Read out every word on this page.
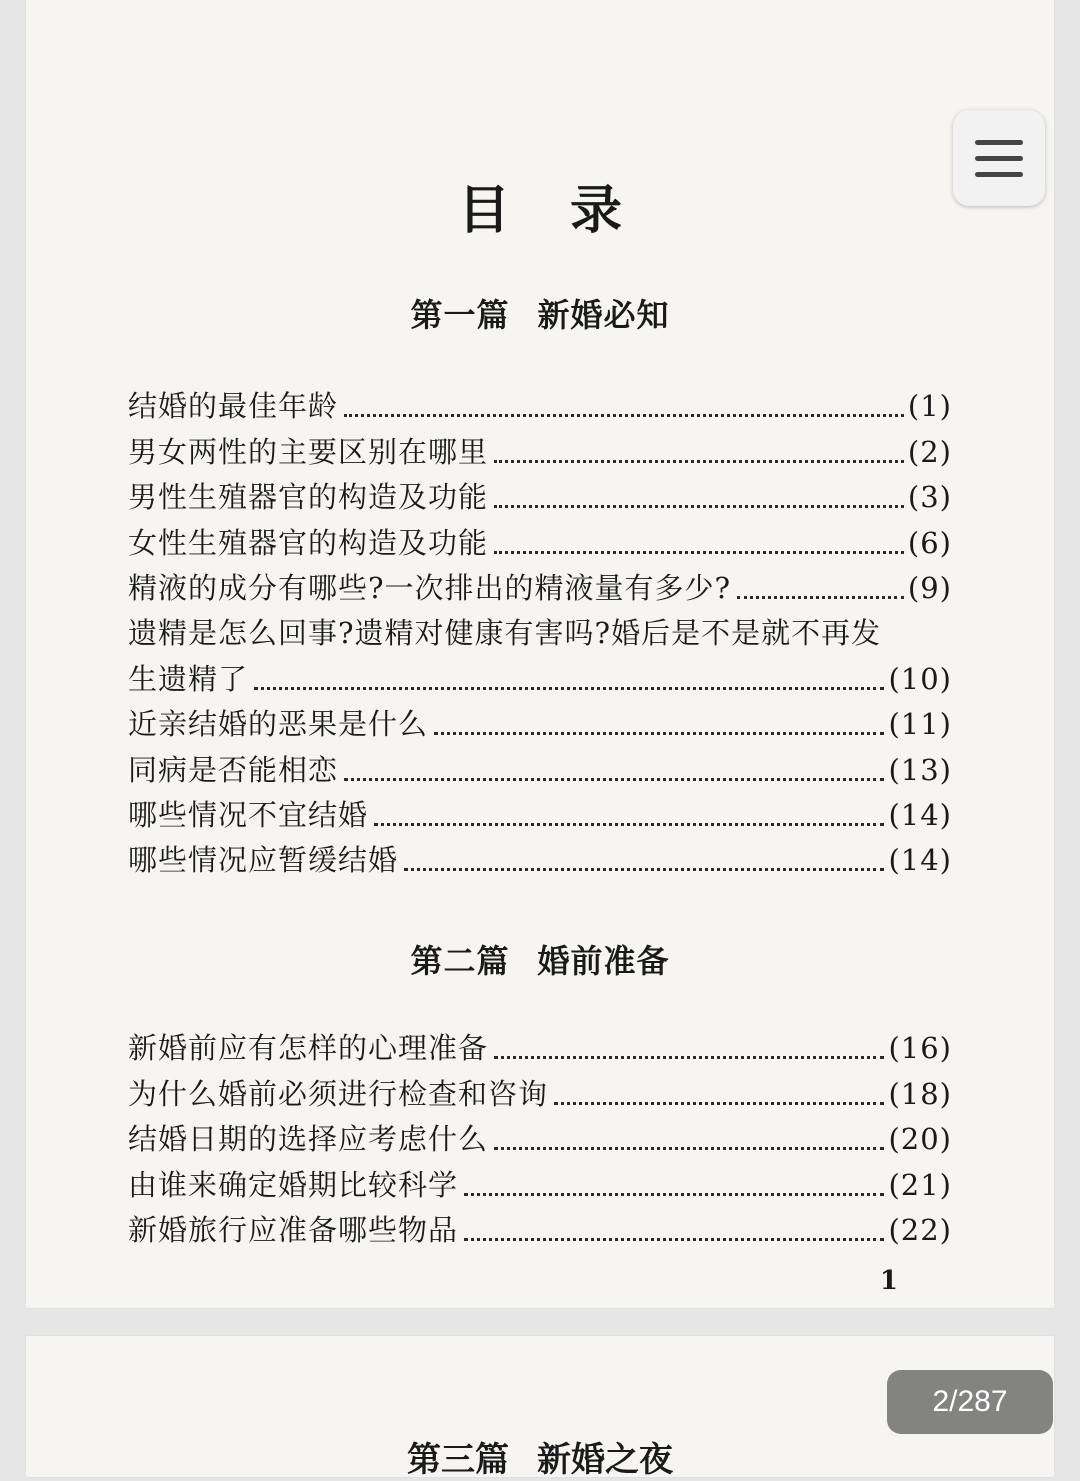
目录
第一篇 新婚必知
结婚的最佳年龄	(1)
男女两性的主要区别在哪里	(2)
男性生殖器官的构造及功能	(3)
女性生殖器官的构造及功能	(6)
精液的成分有哪些?一次排出的精液量有多少?	(9)
遗精是怎么回事?遗精对健康有害吗?婚后是不是就不再发
生遗精了	(10)
近亲结婚的恶果是什么	(11)
同病是否能相恋	(13)
哪些情况不宜结婚	(14)
哪些情况应暂缓结婚	(14)
第二篇 婚前准备
新婚前应有怎样的心理准备	(16)
为什么婚前必须进行检查和咨询	(18)
结婚日期的选择应考虑什么	(20)
由谁来确定婚期比较科学	(21)
新婚旅行应准备哪些物品	(22)
1
第三篇 新婚之夜
2/287
